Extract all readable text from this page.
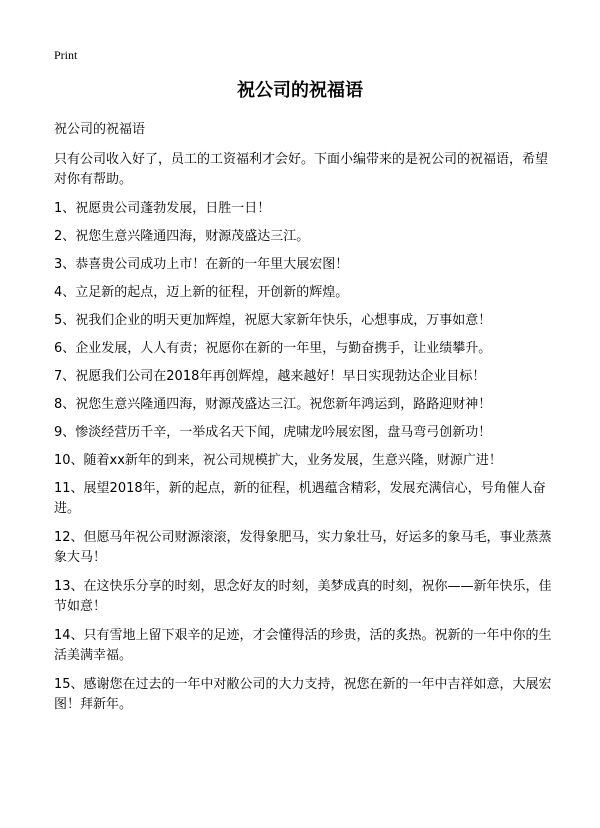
Print
祝公司的祝福语

祝公司的祝福语

只有公司收入好了，员工的工资福利才会好。下面小编带来的是祝公司的祝福语，希望对你有帮助。

1、祝愿贵公司蓬勃发展，日胜一日！

2、祝您生意兴隆通四海，财源茂盛达三江。

3、恭喜贵公司成功上市！在新的一年里大展宏图！

4、立足新的起点，迈上新的征程，开创新的辉煌。

5、祝我们企业的明天更加辉煌，祝愿大家新年快乐，心想事成，万事如意！

6、企业发展，人人有责；祝愿你在新的一年里，与勤奋携手，让业绩攀升。

7、祝愿我们公司在2018年再创辉煌，越来越好！早日实现勃达企业目标！

8、祝您生意兴隆通四海，财源茂盛达三江。祝您新年鸿运到，路路迎财神！

9、惨淡经营历千辛，一举成名天下闻，虎啸龙吟展宏图，盘马弯弓创新功！

10、随着xx新年的到来，祝公司规模扩大，业务发展，生意兴隆，财源广进！

11、展望2018年，新的起点，新的征程，机遇蕴含精彩，发展充满信心，号角催人奋进。

12、但愿马年祝公司财源滚滚，发得象肥马，实力象壮马，好运多的象马毛，事业蒸蒸象大马！

13、在这快乐分享的时刻，思念好友的时刻，美梦成真的时刻，祝你——新年快乐，佳节如意！

14、只有雪地上留下艰辛的足迹，才会懂得活的珍贵，活的炙热。祝新的一年中你的生活美满幸福。

15、感谢您在过去的一年中对敝公司的大力支持，祝您在新的一年中吉祥如意，大展宏图！拜新年。
